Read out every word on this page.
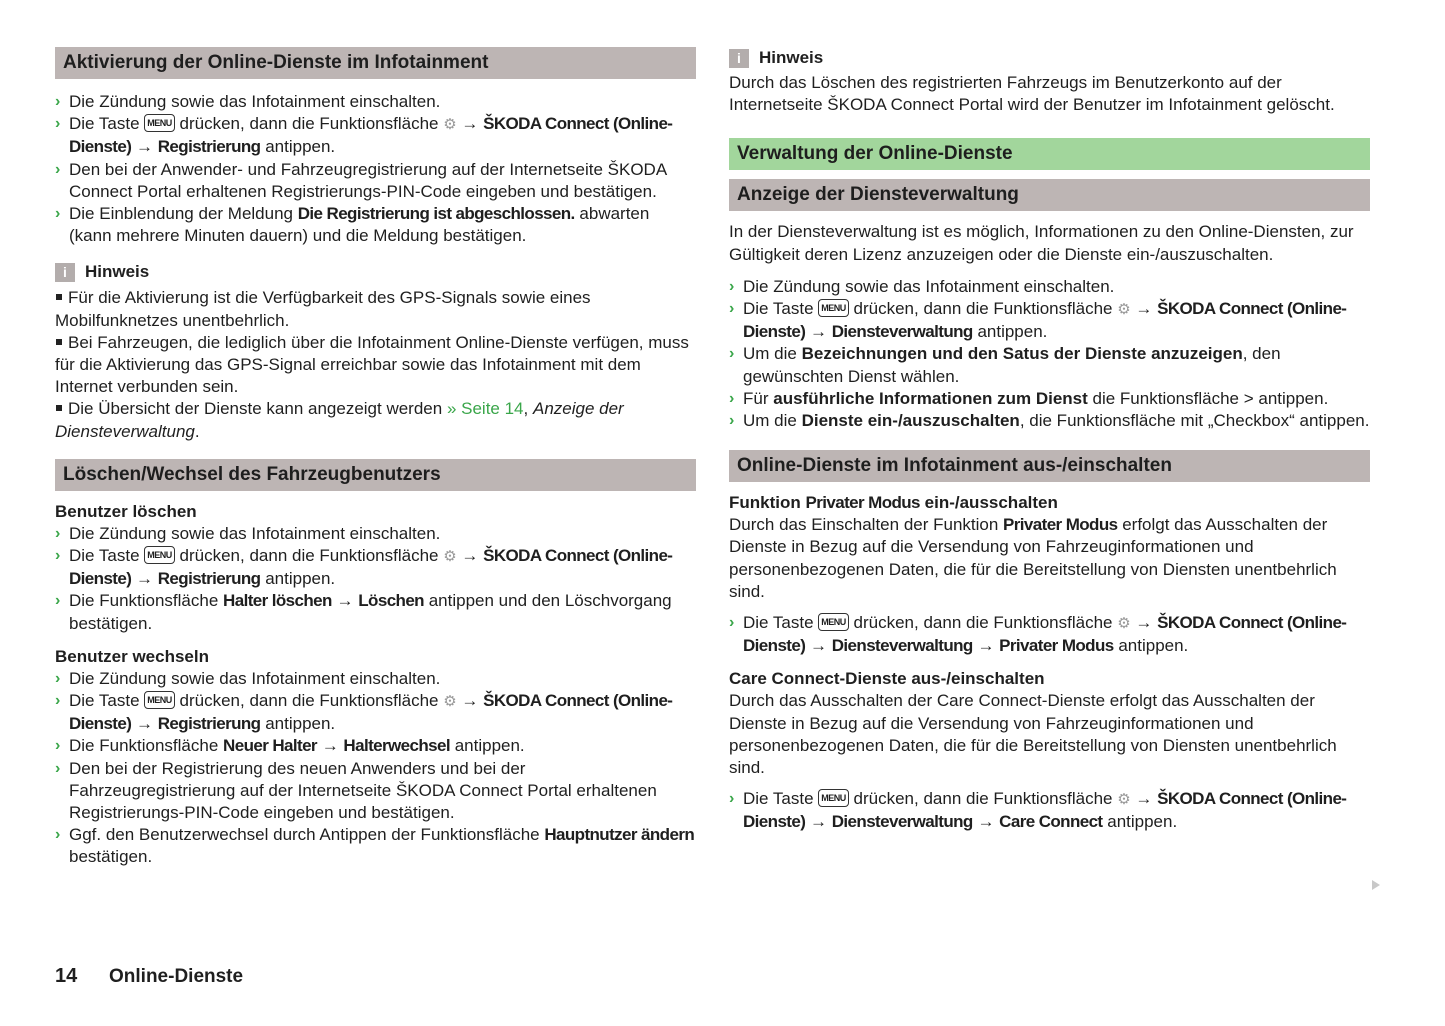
Aktivierung der Online-Dienste im Infotainment
› Die Zündung sowie das Infotainment einschalten.
› Die Taste MENU drücken, dann die Funktionsfläche ⚙ → ŠKODA Connect (Online-Dienste) → Registrierung antippen.
› Den bei der Anwender- und Fahrzeugregistrierung auf der Internetseite ŠKODA Connect Portal erhaltenen Registrierungs-PIN-Code eingeben und bestätigen.
› Die Einblendung der Meldung Die Registrierung ist abgeschlossen. abwarten (kann mehrere Minuten dauern) und die Meldung bestätigen.
i	Hinweis
Für die Aktivierung ist die Verfügbarkeit des GPS-Signals sowie eines Mobilfunknetzes unentbehrlich.
Bei Fahrzeugen, die lediglich über die Infotainment Online-Dienste verfügen, muss für die Aktivierung das GPS-Signal erreichbar sowie das Infotainment mit dem Internet verbunden sein.
Die Übersicht der Dienste kann angezeigt werden » Seite 14, Anzeige der Diensteverwaltung.
Löschen/Wechsel des Fahrzeugbenutzers
Benutzer löschen
› Die Zündung sowie das Infotainment einschalten.
› Die Taste MENU drücken, dann die Funktionsfläche ⚙ → ŠKODA Connect (Online-Dienste) → Registrierung antippen.
› Die Funktionsfläche Halter löschen → Löschen antippen und den Löschvorgang bestätigen.
Benutzer wechseln
› Die Zündung sowie das Infotainment einschalten.
› Die Taste MENU drücken, dann die Funktionsfläche ⚙ → ŠKODA Connect (Online-Dienste) → Registrierung antippen.
› Die Funktionsfläche Neuer Halter → Halterwechsel antippen.
› Den bei der Registrierung des neuen Anwenders und bei der Fahrzeugregistrierung auf der Internetseite ŠKODA Connect Portal erhaltenen Registrierungs-PIN-Code eingeben und bestätigen.
› Ggf. den Benutzerwechsel durch Antippen der Funktionsfläche Hauptnutzer ändern bestätigen.
i	Hinweis

Durch das Löschen des registrierten Fahrzeugs im Benutzerkonto auf der Internetseite ŠKODA Connect Portal wird der Benutzer im Infotainment gelöscht.

Verwaltung der Online-Dienste
Anzeige der Diensteverwaltung

In der Diensteverwaltung ist es möglich, Informationen zu den Online-Diensten, zur Gültigkeit deren Lizenz anzuzeigen oder die Dienste ein-/auszuschalten.

› Die Zündung sowie das Infotainment einschalten.
› Die Taste MENU drücken, dann die Funktionsfläche ⚙ → ŠKODA Connect (Online-Dienste) → Diensteverwaltung antippen.
› Um die Bezeichnungen und den Satus der Dienste anzuzeigen, den gewünschten Dienst wählen.
› Für ausführliche Informationen zum Dienst die Funktionsfläche > antippen.
› Um die Dienste ein-/auszuschalten, die Funktionsfläche mit „Checkbox“ antippen.
Online-Dienste im Infotainment aus-/einschalten
Funktion Privater Modus ein-/ausschalten

Durch das Einschalten der Funktion Privater Modus erfolgt das Ausschalten der Dienste in Bezug auf die Versendung von Fahrzeuginformationen und personenbezogenen Daten, die für die Bereitstellung von Diensten unentbehrlich sind.

› Die Taste MENU drücken, dann die Funktionsfläche ⚙ → ŠKODA Connect (Online-Dienste) → Diensteverwaltung → Privater Modus antippen.
Care Connect-Dienste aus-/einschalten

Durch das Ausschalten der Care Connect-Dienste erfolgt das Ausschalten der Dienste in Bezug auf die Versendung von Fahrzeuginformationen und personenbezogenen Daten, die für die Bereitstellung von Diensten unentbehrlich sind.

› Die Taste MENU drücken, dann die Funktionsfläche ⚙ → ŠKODA Connect (Online-Dienste) → Diensteverwaltung → Care Connect antippen.
14 Online-Dienste
